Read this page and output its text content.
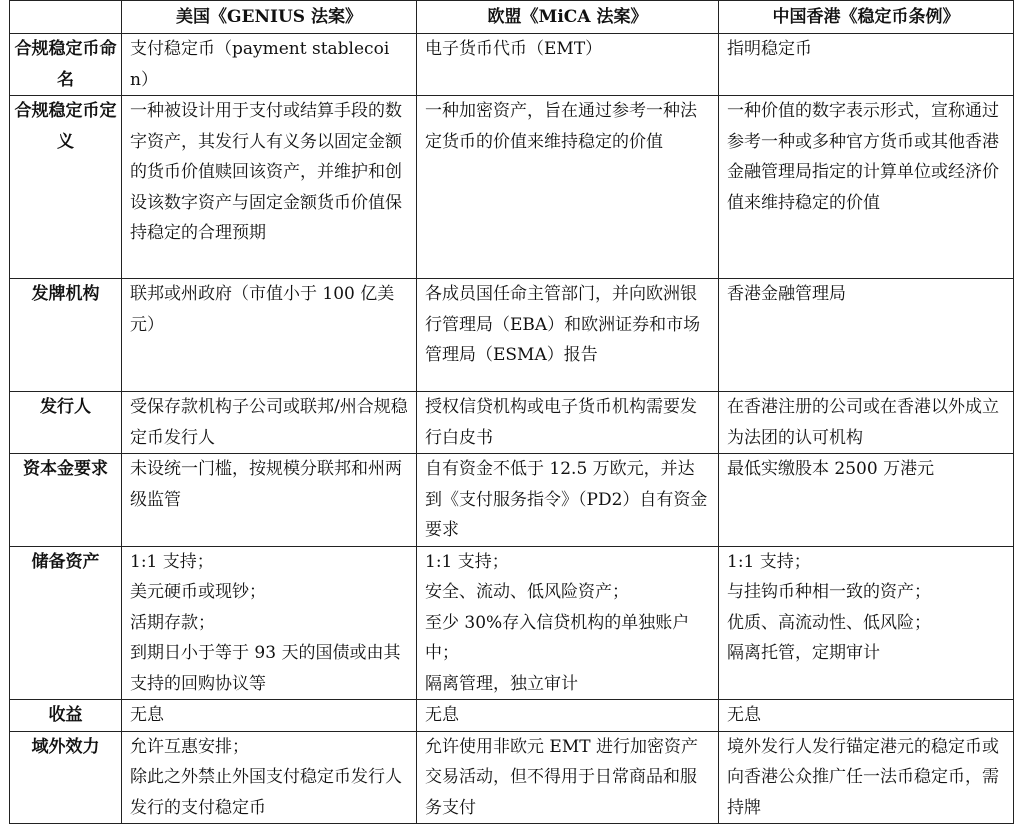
	美国《GENIUS 法案》	欧盟《MiCA 法案》	中国香港《稳定币条例》
合规稳定币命名	支付稳定币（payment stablecoin）	电子货币代币（EMT）	指明稳定币
合规稳定币定义	一种被设计用于支付或结算手段的数字资产，其发行人有义务以固定金额的货币价值赎回该资产，并维护和创设该数字资产与固定金额货币价值保持稳定的合理预期	一种加密资产，旨在通过参考一种法定货币的价值来维持稳定的价值	一种价值的数字表示形式，宣称通过参考一种或多种官方货币或其他香港金融管理局指定的计算单位或经济价值来维持稳定的价值
发牌机构	联邦或州政府（市值小于 100 亿美元）	各成员国任命主管部门，并向欧洲银行管理局（EBA）和欧洲证券和市场管理局（ESMA）报告	香港金融管理局
发行人	受保存款机构子公司或联邦/州合规稳定币发行人	授权信贷机构或电子货币机构需要发行白皮书	在香港注册的公司或在香港以外成立为法团的认可机构
资本金要求	未设统一门槛，按规模分联邦和州两级监管	自有资金不低于 12.5 万欧元，并达到《支付服务指令》（PD2）自有资金要求	最低实缴股本 2500 万港元
储备资产	1:1 支持；
美元硬币或现钞；
活期存款；
到期日小于等于 93 天的国债或由其支持的回购协议等	1:1 支持；
安全、流动、低风险资产；
至少 30%存入信贷机构的单独账户中；
隔离管理，独立审计	1:1 支持；
与挂钩币种相一致的资产；
优质、高流动性、低风险；
隔离托管，定期审计

收益	无息	无息	无息
域外效力	允许互惠安排；
除此之外禁止外国支付稳定币发行人发行的支付稳定币	允许使用非欧元 EMT 进行加密资产交易活动，但不得用于日常商品和服务支付	境外发行人发行锚定港元的稳定币或向香港公众推广任一法币稳定币，需持牌
